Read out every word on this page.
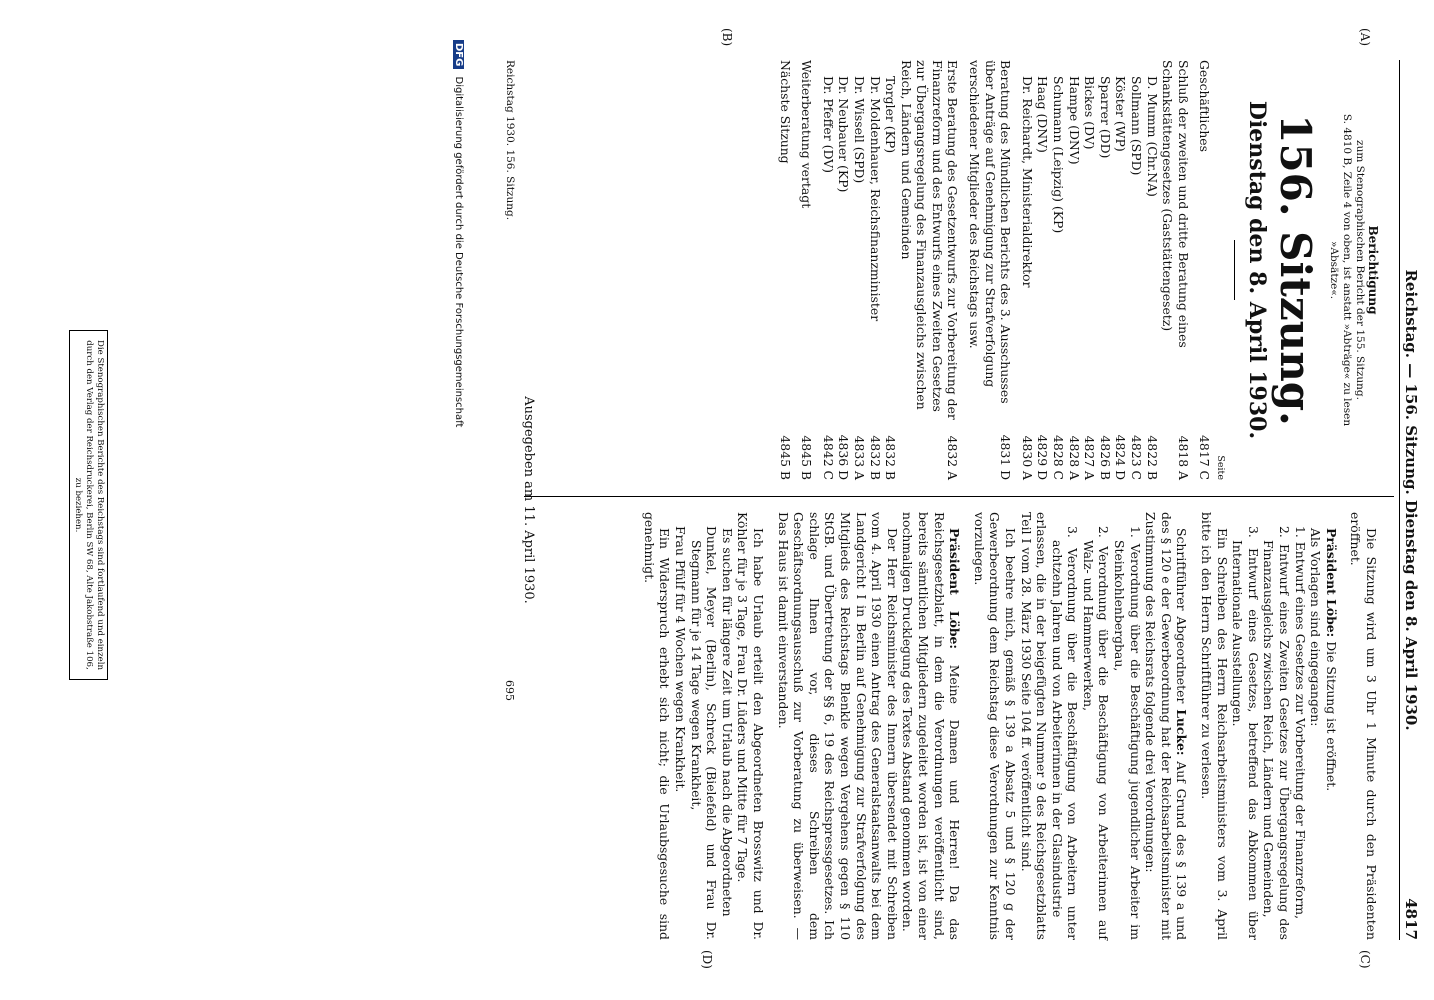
Reichstag. — 156. Sitzung. Dienstag den 8. April 1930.
4817
(A)
(B)
(C)
(D)
Berichtigung
zum Stenographischen Bericht der 155. Sitzung.
S. 4810 B, Zeile 4 von oben, ist anstatt »Abträge« zu lesen
»Absätze«.
156. Sitzung.
Dienstag den 8. April 1930.
Seite
Geschäftliches
4817 C
Schluß der zweiten und dritte Beratung eines Schankstättengesetzes (Gaststättengesetz)
4818 A
D. Mumm (Chr.NA)
4822 B
Sollmann (SPD)
4823 C
Köster (WP)
4824 D
Sparrer (DD)
4826 B
Bickes (DV)
4827 A
Hampe (DNV)
4828 A
Schumann (Leipzig) (KP)
4828 C
Haag (DNV)
4829 D
Dr. Reichardt, Ministerialdirektor
4830 A
Beratung des Mündlichen Berichts des 3. Ausschusses über Anträge auf Genehmigung zur Strafverfolgung verschiedener Mitglieder des Reichstags usw.
4831 D
Erste Beratung des Gesetzentwurfs zur Vorbereitung der Finanzreform und des Entwurfs eines Zweiten Gesetzes zur Übergangsregelung des Finanzausgleichs zwischen Reich, Ländern und Gemeinden
4832 A
Torgler (KP)
4832 B
Dr. Moldenhauer, Reichsfinanzminister
4832 B
Dr. Wissell (SPD)
4833 A
Dr. Neubauer (KP)
4836 D
Dr. Pfeffer (DV)
4842 C
Weiterberatung vertagt
4845 B
Nächste Sitzung
4845 B
Die Sitzung wird um 3 Uhr 1 Minute durch den Präsidenten eröffnet.
Präsident Löbe: Die Sitzung ist eröffnet.
Als Vorlagen sind eingegangen:
1. Entwurf eines Gesetzes zur Vorbereitung der Finanzreform,
2. Entwurf eines Zweiten Gesetzes zur Übergangsregelung des Finanzausgleichs zwischen Reich, Ländern und Gemeinden,
3. Entwurf eines Gesetzes, betreffend das Abkommen über Internationale Ausstellungen.
Ein Schreiben des Herrn Reichsarbeitsministers vom 3. April bitte ich den Herrn Schriftführer zu verlesen.
Schriftführer Abgeordneter Lucke: Auf Grund des § 139 a und des § 120 e der Gewerbeordnung hat der Reichsarbeitsminister mit Zustimmung des Reichsrats folgende drei Verordnungen:
1. Verordnung über die Beschäftigung jugendlicher Arbeiter im Steinkohlenbergbau,
2. Verordnung über die Beschäftigung von Arbeiterinnen auf Walz- und Hammerwerken,
3. Verordnung über die Beschäftigung von Arbeitern unter achtzehn Jahren und von Arbeiterinnen in der Glasindustrie
erlassen, die in der beigefügten Nummer 9 des Reichsgesetzblatts Teil I vom 28. März 1930 Seite 104 ff. veröffentlicht sind.
Ich beehre mich, gemäß § 139 a Absatz 5 und § 120 g der Gewerbeordnung dem Reichstag diese Verordnungen zur Kenntnis vorzulegen.
Präsident Löbe: Meine Damen und Herren! Da das Reichsgesetzblatt, in dem die Verordnungen veröffentlicht sind, bereits sämtlichen Mitgliedern zugeleitet worden ist, ist von einer nochmaligen Drucklegung des Textes Abstand genommen worden.
Der Herr Reichsminister des Innern übersendet mit Schreiben vom 4. April 1930 einen Antrag des Generalstaatsanwalts bei dem Landgericht I in Berlin auf Genehmigung zur Strafverfolgung des Mitglieds des Reichstags Blenkle wegen Vergehens gegen § 110 StGB. und Übertretung der §§ 6, 19 des Reichspressgesetzes. Ich schlage Ihnen vor, dieses Schreiben dem Geschäftsordnungsausschuß zur Vorberatung zu überweisen. — Das Haus ist damit einverstanden.
Ich habe Urlaub erteilt den Abgeordneten Brosswitz und Dr. Köhler für je 3 Tage, Frau Dr. Lüders und Mitte für 7 Tage.
Es suchen für längere Zeit um Urlaub nach die Abgeordneten
Dunkel, Meyer (Berlin), Schreck (Bielefeld) und Frau Dr. Stegmann für je 14 Tage wegen Krankheit,
Frau Pfülf für 4 Wochen wegen Krankheit.
Ein Widerspruch erhebt sich nicht; die Urlaubsgesuche sind genehmigt.
Reichstag 1930. 156. Sitzung.
Ausgegeben am 11. April 1930.
695
Die Stenographischen Berichte des Reichstags sind fortlaufend und einzeln durch den Verlag der Reichsdruckerei, Berlin SW 68, Alte Jakobstraße 106, zu beziehen.
DFG Digitalisierung gefördert durch die Deutsche Forschungsgemeinschaft
